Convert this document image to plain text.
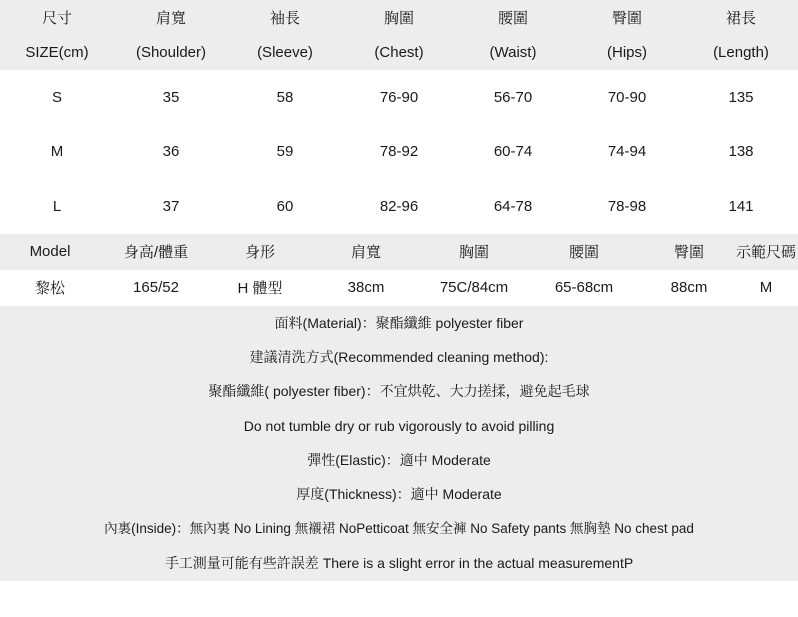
尺寸	肩寬	袖長	胸圍	腰圍	臀圍	裙長
SIZE(cm)	(Shoulder)	(Sleeve)	(Chest)	(Waist)	(Hips)	(Length)
S	35	58	76-90	56-70	70-90	135
M	36	59	78-92	60-74	74-94	138
L	37	60	82-96	64-78	78-98	141
Model	身高/體重	身形	肩寬	胸圍	腰圍	臀圍	示範尺碼
黎松	165/52	H 體型	38cm	75C/84cm	65-68cm	88cm	M
面料(Material)：聚酯纖維 polyester fiber
建議清洗方式(Recommended cleaning method):
聚酯纖維( polyester fiber)：不宜烘乾、大力搓揉，避免起毛球
Do not tumble dry or rub vigorously to avoid pilling
彈性(Elastic)：適中 Moderate
厚度(Thickness)：適中 Moderate
內裏(Inside)：無內裏 No Lining 無襯裙 NoPetticoat 無安全褲 No Safety pants 無胸墊 No chest pad
手工測量可能有些許誤差 There is a slight error in the actual measurementP
